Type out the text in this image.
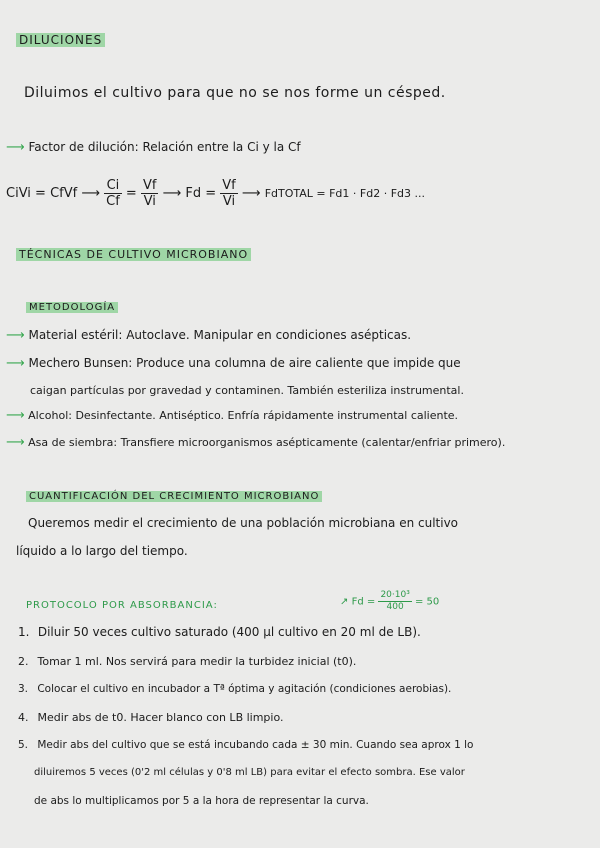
DILUCIONES
Diluimos el cultivo para que no se nos forme un césped.
⟶ Factor de dilución: Relación entre la Ci y la Cf
CiVi = CfVf ⟶ $\frac{Ci}{Cf} = \frac{Vf}{Vi}$ ⟶ $Fd = \frac{Vf}{Vi}$ ⟶ FdTOTAL = Fd1 · Fd2 · Fd3 ...
TÉCNICAS DE CULTIVO MICROBIANO
METODOLOGÍA
⟶ Material estéril: Autoclave. Manipular en condiciones asépticas.
⟶ Mechero Bunsen: Produce una columna de aire caliente que impide que
caigan partículas por gravedad y contaminen. También esteriliza instrumental.
⟶ Alcohol: Desinfectante. Antiséptico. Enfría rápidamente instrumental caliente.
⟶ Asa de siembra: Transfiere microorganismos asépticamente (calentar/enfriar primero).
CUANTIFICACIÓN DEL CRECIMIENTO MICROBIANO
Queremos medir el crecimiento de una población microbiana en cultivo
líquido a lo largo del tiempo.
PROTOCOLO POR ABSORBANCIA:	↗ $Fd = \frac{\text{20·10³}}{400} = 50$
1. Diluir 50 veces cultivo saturado (400 µl cultivo en 20 ml de LB).
2. Tomar 1 ml. Nos servirá para medir la turbidez inicial (t0).
3. Colocar el cultivo en incubador a Tª óptima y agitación (condiciones aerobias).
4. Medir abs de t0. Hacer blanco con LB limpio.
5. Medir abs del cultivo que se está incubando cada ± 30 min. Cuando sea aprox 1 lo
diluiremos 5 veces (0'2 ml células y 0'8 ml LB) para evitar el efecto sombra. Ese valor
de abs lo multiplicamos por 5 a la hora de representar la curva.
